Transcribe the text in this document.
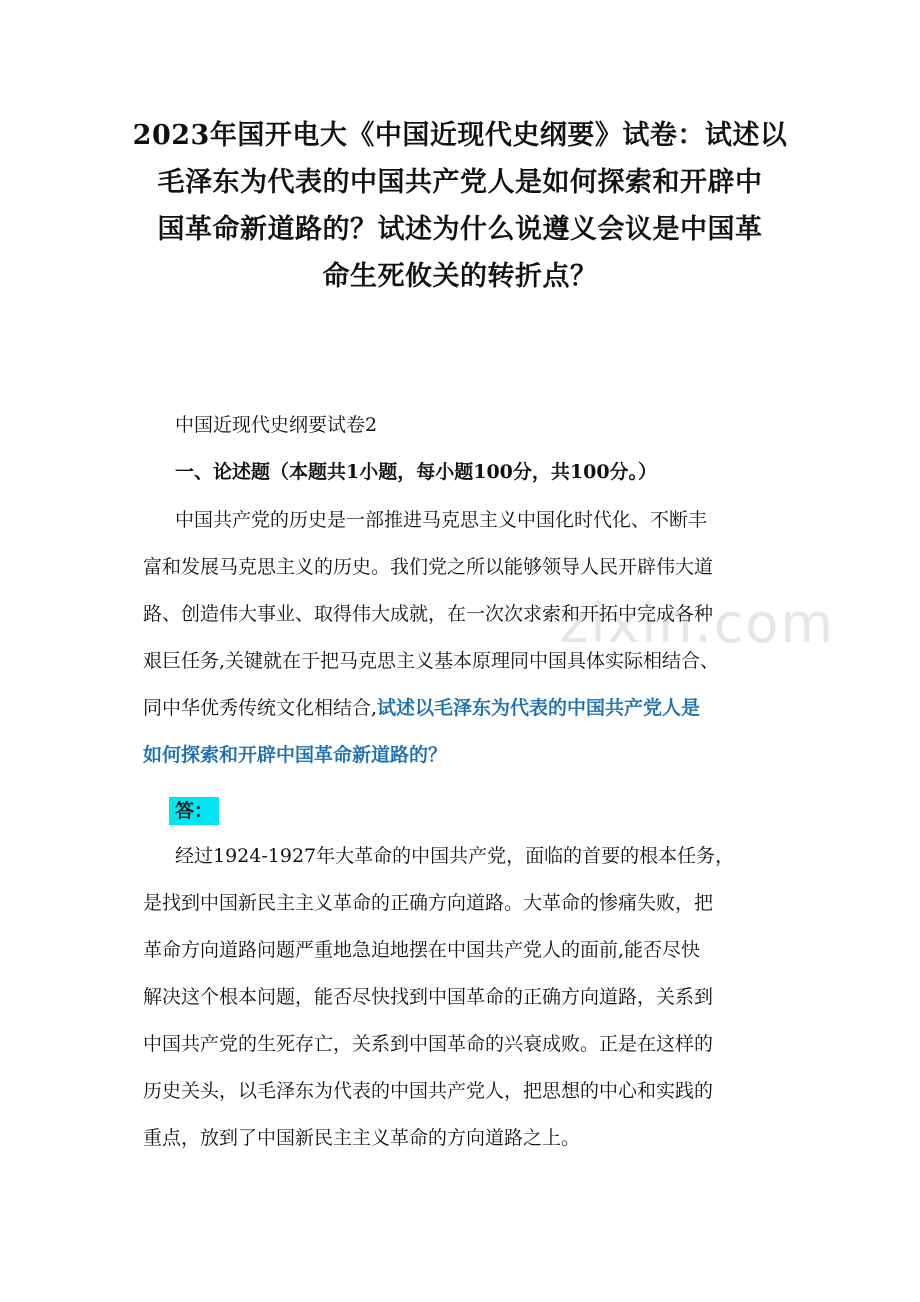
zixin.com
2023年国开电大《中国近现代史纲要》试卷：试述以
毛泽东为代表的中国共产党人是如何探索和开辟中
国革命新道路的？试述为什么说遵义会议是中国革
命生死攸关的转折点？
中国近现代史纲要试卷2
一、论述题（本题共1小题，每小题100分，共100分。）
中国共产党的历史是一部推进马克思主义中国化时代化、不断丰
富和发展马克思主义的历史。我们党之所以能够领导人民开辟伟大道
路、创造伟大事业、取得伟大成就，在一次次求索和开拓中完成各种
艰巨任务,关键就在于把马克思主义基本原理同中国具体实际相结合、
同中华优秀传统文化相结合,试述以毛泽东为代表的中国共产党人是
如何探索和开辟中国革命新道路的？
答：
经过1924-1927年大革命的中国共产党，面临的首要的根本任务，
是找到中国新民主主义革命的正确方向道路。大革命的惨痛失败，把
革命方向道路问题严重地急迫地摆在中国共产党人的面前,能否尽快
解决这个根本问题，能否尽快找到中国革命的正确方向道路，关系到
中国共产党的生死存亡，关系到中国革命的兴衰成败。正是在这样的
历史关头，以毛泽东为代表的中国共产党人，把思想的中心和实践的
重点，放到了中国新民主主义革命的方向道路之上。
